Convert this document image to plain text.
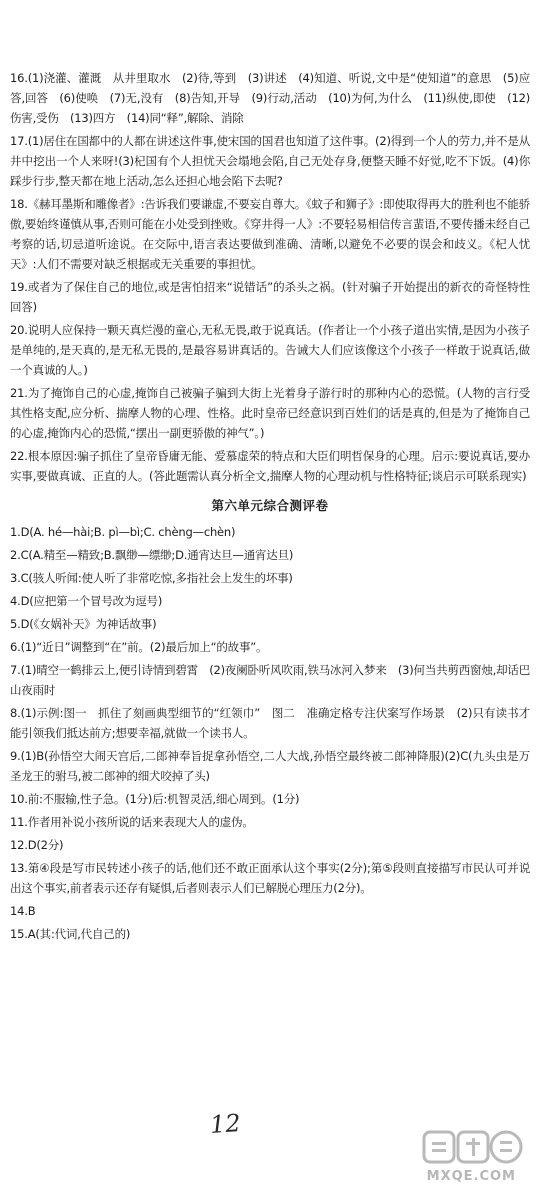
16.(1)浇灌、灌溉　从井里取水　(2)待,等到　(3)讲述　(4)知道、听说,文中是“使知道”的意思　(5)应答,回答　(6)使唤　(7)无,没有　(8)告知,开导　(9)行动,活动　(10)为何,为什么　(11)纵使,即使　(12)伤害,受伤　(13)四方　(14)同“释”,解除、消除

17.(1)居住在国都中的人都在讲述这件事,使宋国的国君也知道了这件事。(2)得到一个人的劳力,并不是从井中挖出一个人来呀!(3)杞国有个人担忧天会塌地会陷,自己无处存身,便整天睡不好觉,吃不下饭。(4)你踩步行步,整天都在地上活动,怎么还担心地会陷下去呢?

18.《赫耳墨斯和雕像者》:告诉我们要谦虚,不要妄自尊大。《蚊子和狮子》:即使取得再大的胜利也不能骄傲,要始终谨慎从事,否则可能在小处受到挫败。《穿井得一人》:不要轻易相信传言蜚语,不要传播未经自己考察的话,切忌道听途说。在交际中,语言表达要做到准确、清晰,以避免不必要的误会和歧义。《杞人忧天》:人们不需要对缺乏根据或无关重要的事担忧。

19.或者为了保住自己的地位,或是害怕招来“说错话”的杀头之祸。(针对骗子开始提出的新衣的奇怪特性回答)

20.说明人应保持一颗天真烂漫的童心,无私无畏,敢于说真话。(作者让一个小孩子道出实情,是因为小孩子是单纯的,是天真的,是无私无畏的,是最容易讲真话的。告诫大人们应该像这个小孩子一样敢于说真话,做一个真诚的人。)

21.为了掩饰自己的心虚,掩饰自己被骗子骗到大街上光着身子游行时的那种内心的恐慌。(人物的言行受其性格支配,应分析、揣摩人物的心理、性格。此时皇帝已经意识到百姓们的话是真的,但是为了掩饰自己的心虚,掩饰内心的恐慌,“摆出一副更骄傲的神气”。)

22.根本原因:骗子抓住了皇帝昏庸无能、爱慕虚荣的特点和大臣们明哲保身的心理。启示:要说真话,要办实事,要做真诚、正直的人。(答此题需认真分析全文,揣摩人物的心理动机与性格特征;谈启示可联系现实)

第六单元综合测评卷

1.D(A. hé—hài;B. pì—bì;C. chèng—chèn)

2.C(A.精至—精致;B.飘缈—缥缈;D.通宵达旦—通宵达旦)

3.C(骇人听闻:使人听了非常吃惊,多指社会上发生的坏事)

4.D(应把第一个冒号改为逗号)

5.D(《女娲补天》为神话故事)

6.(1)“近日”调整到“在”前。(2)最后加上“的故事”。

7.(1)晴空一鹤排云上,便引诗情到碧霄　(2)夜阑卧听风吹雨,铁马冰河入梦来　(3)何当共剪西窗烛,却话巴山夜雨时

8.(1)示例:图一　抓住了刻画典型细节的“红领巾”　图二　准确定格专注伏案写作场景　(2)只有读书才能引领我们抵达前方;想要幸福,就做一个读书人。

9.(1)B(孙悟空大闹天宫后,二郎神奉旨捉拿孙悟空,二人大战,孙悟空最终被二郎神降服)(2)C(九头虫是万圣龙王的驸马,被二郎神的细犬咬掉了头)

10.前:不服输,性子急。(1分)后:机智灵活,细心周到。(1分)

11.作者用补说小孩所说的话来表现大人的虚伪。

12.D(2分)

13.第④段是写市民转述小孩子的话,他们还不敢正面承认这个事实(2分);第⑤段则直接描写市民认可并说出这个事实,前者表示还存有疑惧,后者则表示人们已解脱心理压力(2分)。

14.B

15.A(其:代词,代自己的)

12
MXQE.COM
